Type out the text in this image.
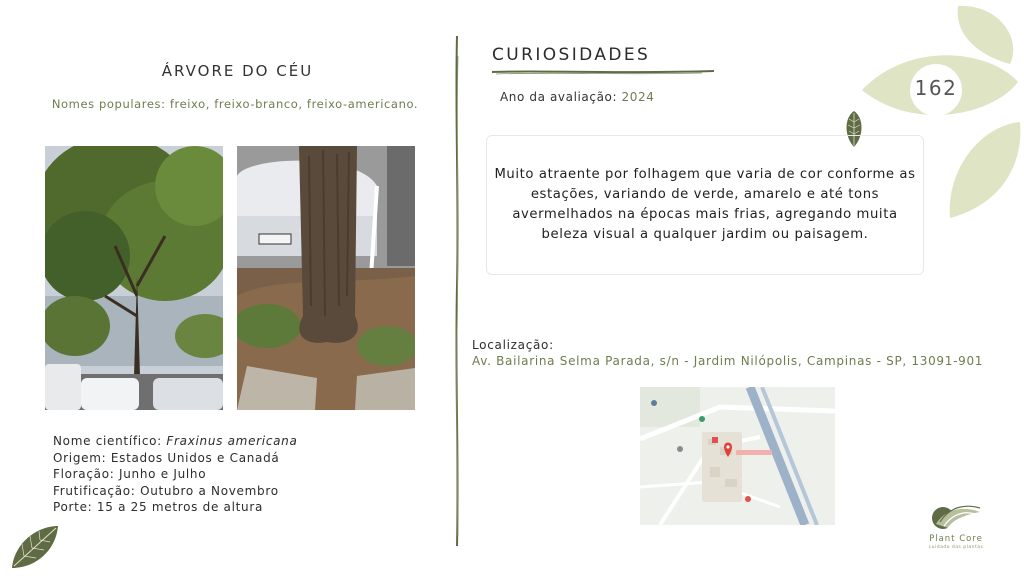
162
ÁRVORE DO CÉU
Nomes populares: freixo, freixo-branco, freixo-americano.
Nome científico: Fraxinus americana
Origem: Estados Unidos e Canadá
Floração: Junho e Julho
Frutificação: Outubro a Novembro
Porte: 15 a 25 metros de altura
CURIOSIDADES
Ano da avaliação: 2024

Muito atraente por folhagem que varia de cor conforme as estações, variando de verde, amarelo e até tons avermelhados na épocas mais frias, agregando muita beleza visual a qualquer jardim ou paisagem.

Localização:
Av. Bailarina Selma Parada, s/n - Jardim Nilópolis, Campinas - SP, 13091-901
Plant Core
cuidado das plantas
